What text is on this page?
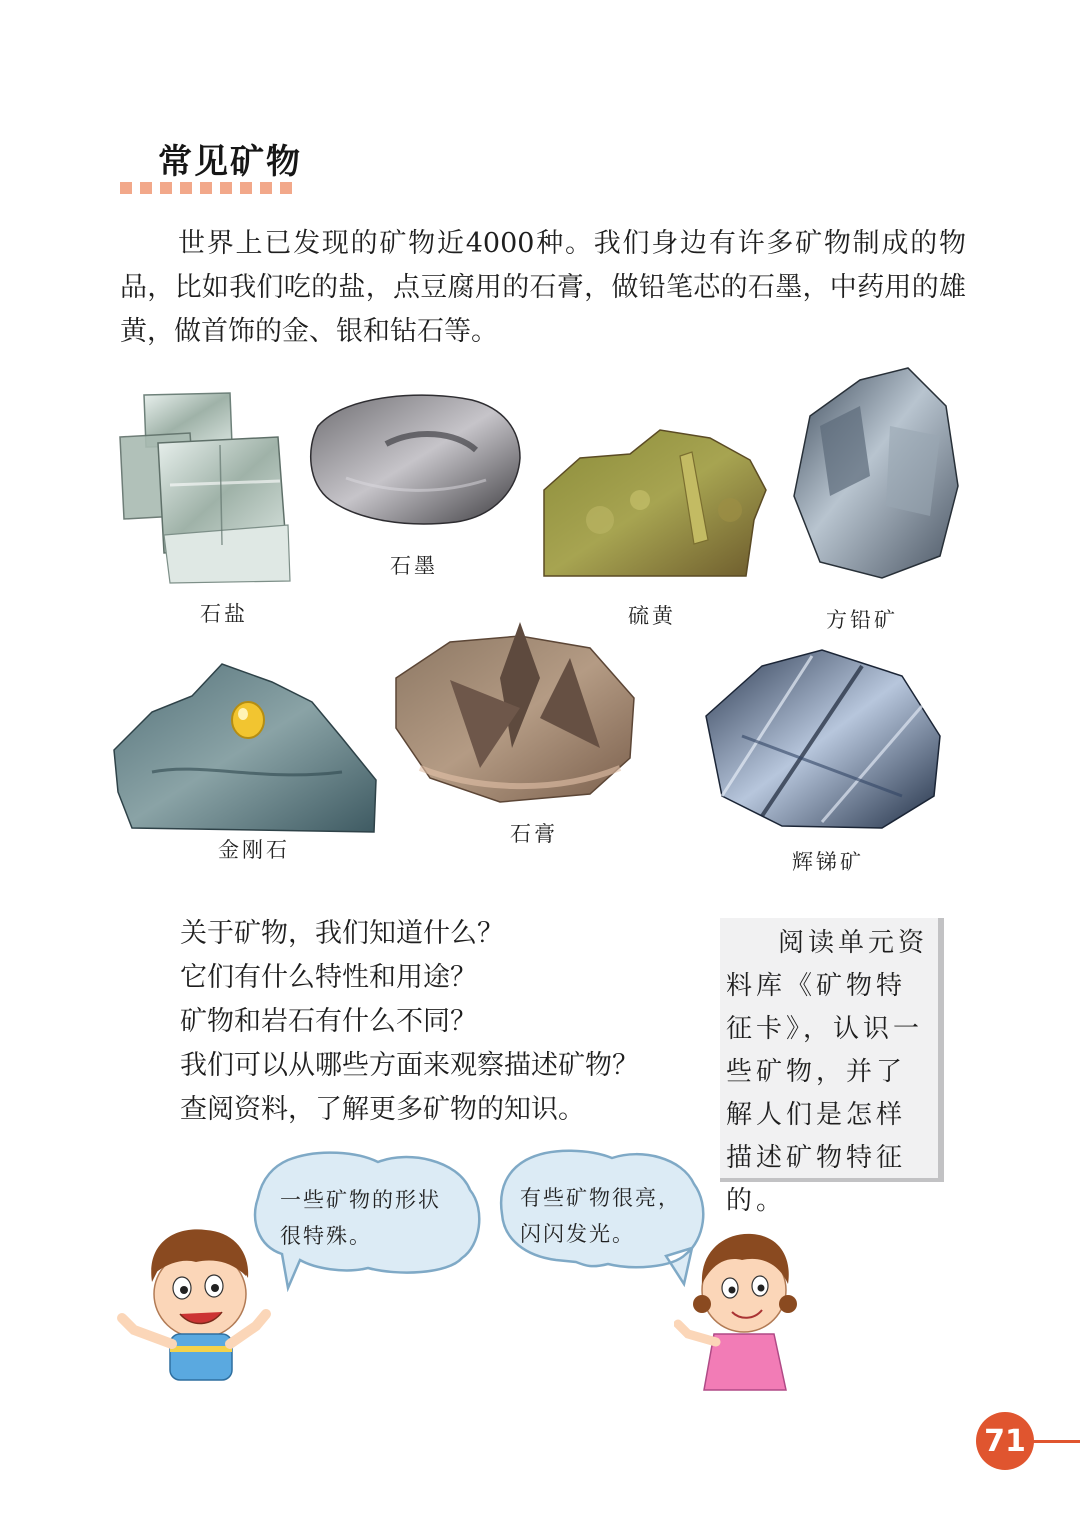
常见矿物
世界上已发现的矿物近4000种。我们身边有许多矿物制成的物品，比如我们吃的盐，点豆腐用的石膏，做铅笔芯的石墨，中药用的雄黄，做首饰的金、银和钻石等。
石盐
石墨
硫黄	方铅矿
金刚石
石膏
辉锑矿
关于矿物，我们知道什么？
它们有什么特性和用途？
矿物和岩石有什么不同？
我们可以从哪些方面来观察描述矿物？
查阅资料，了解更多矿物的知识。
阅读单元资料库《矿物特征卡》，认识一些矿物，并了解人们是怎样描述矿物特征的。
一些矿物的形状
很特殊。
有些矿物很亮，
闪闪发光。
71
